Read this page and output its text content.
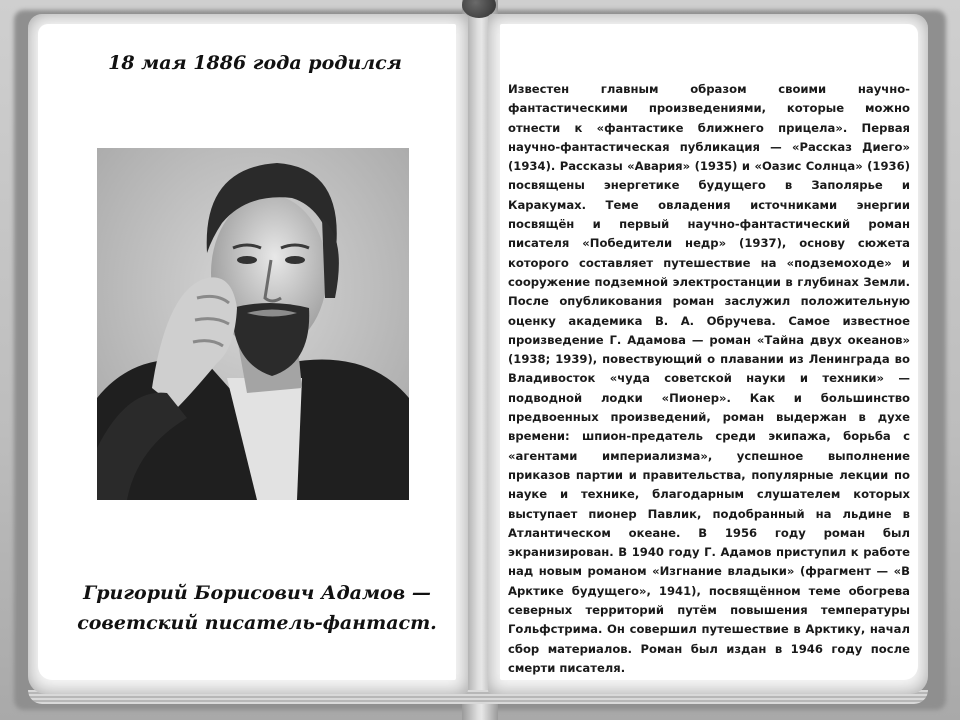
18 мая 1886 года родился
Григорий Борисович Адамов —
советский писатель-фантаст.
Известен главным образом своими научно-фантастическими произведениями, которые можно отнести к «фантастике ближнего прицела». Первая научно-фантастическая публикация — «Рассказ Диего» (1934). Рассказы «Авария» (1935) и «Оазис Солнца» (1936) посвящены энергетике будущего в Заполярье и Каракумах. Теме овладения источниками энергии посвящён и первый научно-фантастический роман писателя «Победители недр» (1937), основу сюжета которого составляет путешествие на «подземоходе» и сооружение подземной электростанции в глубинах Земли. После опубликования роман заслужил положительную оценку академика В. А. Обручева. Самое известное произведение Г. Адамова — роман «Тайна двух океанов» (1938; 1939), повествующий о плавании из Ленинграда во Владивосток «чуда советской науки и техники» — подводной лодки «Пионер». Как и большинство предвоенных произведений, роман выдержан в духе времени: шпион-предатель среди экипажа, борьба с «агентами империализма», успешное выполнение приказов партии и правительства, популярные лекции по науке и технике, благодарным слушателем которых выступает пионер Павлик, подобранный на льдине в Атлантическом океане. В 1956 году роман был экранизирован. В 1940 году Г. Адамов приступил к работе над новым романом «Изгнание владыки» (фрагмент — «В Арктике будущего», 1941), посвящённом теме обогрева северных территорий путём повышения температуры Гольфстрима. Он совершил путешествие в Арктику, начал сбор материалов. Роман был издан в 1946 году после смерти писателя.
